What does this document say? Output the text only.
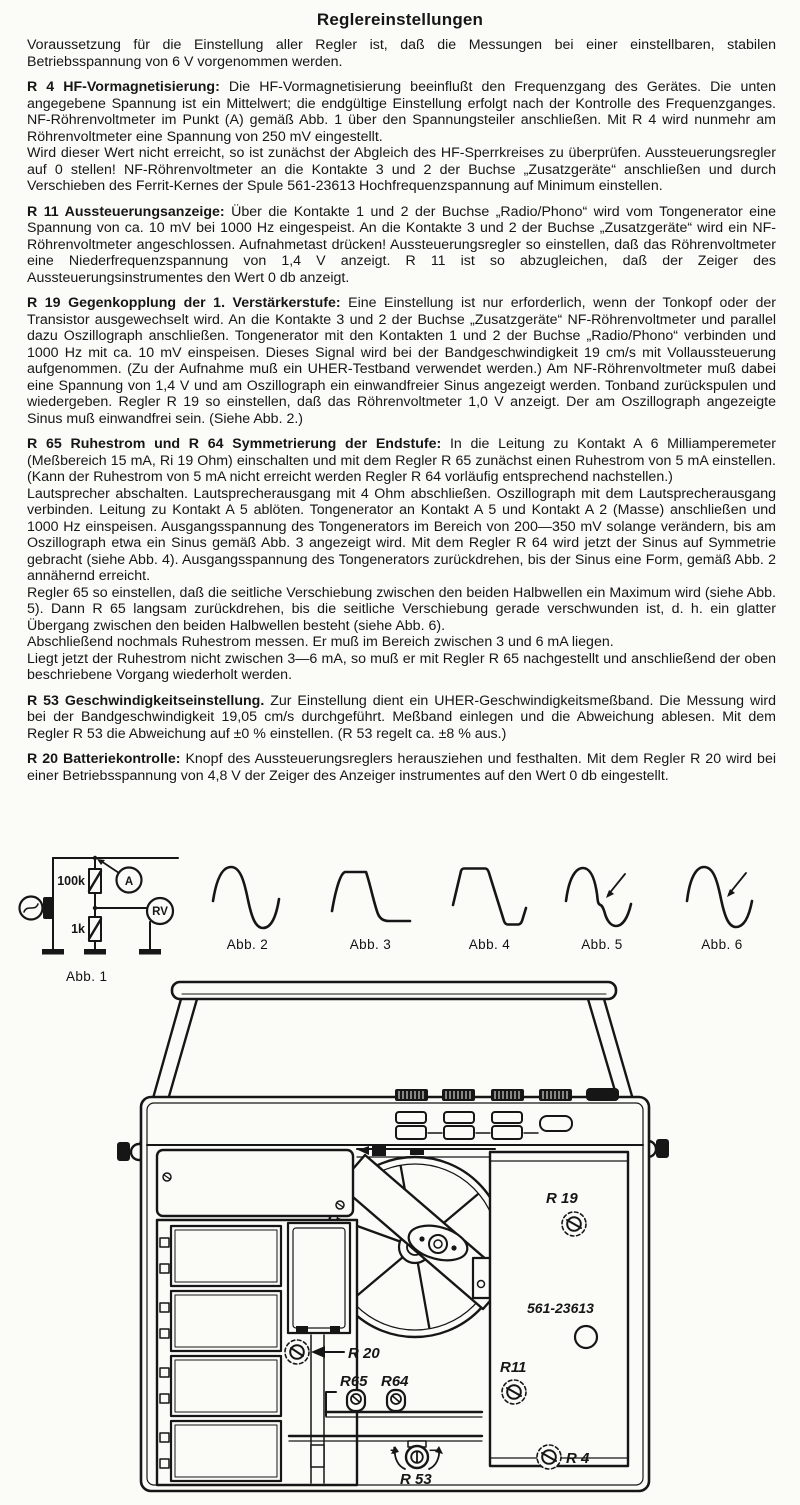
Reglereinstellungen

Voraussetzung für die Einstellung aller Regler ist, daß die Messungen bei einer einstellbaren, stabilen Betriebsspannung von 6 V vorgenommen werden.

R 4 HF-Vormagnetisierung: Die HF-Vormagnetisierung beeinflußt den Frequenzgang des Gerätes. Die unten angegebene Spannung ist ein Mittelwert; die endgültige Einstellung erfolgt nach der Kontrolle des Frequenzganges. NF-Röhrenvoltmeter im Punkt (A) gemäß Abb. 1 über den Spannungsteiler anschließen. Mit R 4 wird nunmehr am Röhrenvoltmeter eine Spannung von 250 mV eingestellt.

Wird dieser Wert nicht erreicht, so ist zunächst der Abgleich des HF-Sperrkreises zu überprüfen. Aussteuerungsregler auf 0 stellen! NF-Röhrenvoltmeter an die Kontakte 3 und 2 der Buchse „Zusatzgeräte“ anschließen und durch Verschieben des Ferrit-Kernes der Spule 561-23613 Hochfrequenzspannung auf Minimum einstellen.

R 11 Aussteuerungsanzeige: Über die Kontakte 1 und 2 der Buchse „Radio/Phono“ wird vom Tongenerator eine Spannung von ca. 10 mV bei 1000 Hz eingespeist. An die Kontakte 3 und 2 der Buchse „Zusatzgeräte“ wird ein NF-Röhrenvoltmeter angeschlossen. Aufnahmetast drücken! Aussteuerungsregler so einstellen, daß das Röhrenvoltmeter eine Niederfrequenzspannung von 1,4 V anzeigt. R 11 ist so abzugleichen, daß der Zeiger des Aussteuerungsinstrumentes den Wert 0 db anzeigt.

R 19 Gegenkopplung der 1. Verstärkerstufe: Eine Einstellung ist nur erforderlich, wenn der Tonkopf oder der Transistor ausgewechselt wird. An die Kontakte 3 und 2 der Buchse „Zusatzgeräte“ NF-Röhrenvoltmeter und parallel dazu Oszillograph anschließen. Tongenerator mit den Kontakten 1 und 2 der Buchse „Radio/Phono“ verbinden und 1000 Hz mit ca. 10 mV einspeisen. Dieses Signal wird bei der Bandgeschwindigkeit 19 cm/s mit Vollaussteuerung aufgenommen. (Zu der Aufnahme muß ein UHER-Testband verwendet werden.) Am NF-Röhrenvoltmeter muß dabei eine Spannung von 1,4 V und am Oszillograph ein einwandfreier Sinus angezeigt werden. Tonband zurückspulen und wiedergeben. Regler R 19 so einstellen, daß das Röhrenvoltmeter 1,0 V anzeigt. Der am Oszillograph angezeigte Sinus muß einwandfrei sein. (Siehe Abb. 2.)

R 65 Ruhestrom und R 64 Symmetrierung der Endstufe: In die Leitung zu Kontakt A 6 Milliamperemeter (Meßbereich 15 mA, Ri 19 Ohm) einschalten und mit dem Regler R 65 zunächst einen Ruhestrom von 5 mA einstellen. (Kann der Ruhestrom von 5 mA nicht erreicht werden Regler R 64 vorläufig entsprechend nachstellen.)

Lautsprecher abschalten. Lautsprecherausgang mit 4 Ohm abschließen. Oszillograph mit dem Lautsprecherausgang verbinden. Leitung zu Kontakt A 5 ablöten. Tongenerator an Kontakt A 5 und Kontakt A 2 (Masse) anschließen und 1000 Hz einspeisen. Ausgangsspannung des Tongenerators im Bereich von 200—350 mV solange verändern, bis am Oszillograph etwa ein Sinus gemäß Abb. 3 angezeigt wird. Mit dem Regler R 64 wird jetzt der Sinus auf Symmetrie gebracht (siehe Abb. 4). Ausgangsspannung des Tongenerators zurückdrehen, bis der Sinus eine Form, gemäß Abb. 2 annähernd erreicht.

Regler 65 so einstellen, daß die seitliche Verschiebung zwischen den beiden Halbwellen ein Maximum wird (siehe Abb. 5). Dann R 65 langsam zurückdrehen, bis die seitliche Verschiebung gerade verschwunden ist, d. h. ein glatter Übergang zwischen den beiden Halbwellen besteht (siehe Abb. 6).

Abschließend nochmals Ruhestrom messen. Er muß im Bereich zwischen 3 und 6 mA liegen.

Liegt jetzt der Ruhestrom nicht zwischen 3—6 mA, so muß er mit Regler R 65 nachgestellt und anschließend der oben beschriebene Vorgang wiederholt werden.

R 53 Geschwindigkeitseinstellung. Zur Einstellung dient ein UHER-Geschwindigkeitsmeßband. Die Messung wird bei der Bandgeschwindigkeit 19,05 cm/s durchgeführt. Meßband einlegen und die Abweichung ablesen. Mit dem Regler R 53 die Abweichung auf ±0 % einstellen. (R 53 regelt ca. ±8 % aus.)

R 20 Batteriekontrolle: Knopf des Aussteuerungsreglers herausziehen und festhalten. Mit dem Regler R 20 wird bei einer Betriebsspannung von 4,8 V der Zeiger des Anzeiger instrumentes auf den Wert 0 db eingestellt.

A
RV
100k
1k
Abb. 1
Abb. 2	Abb. 3	Abb. 4	Abb. 5	Abb. 6
R 20
R65 R64
+ −
R 53
R 19
561-23613
R11
R 4
